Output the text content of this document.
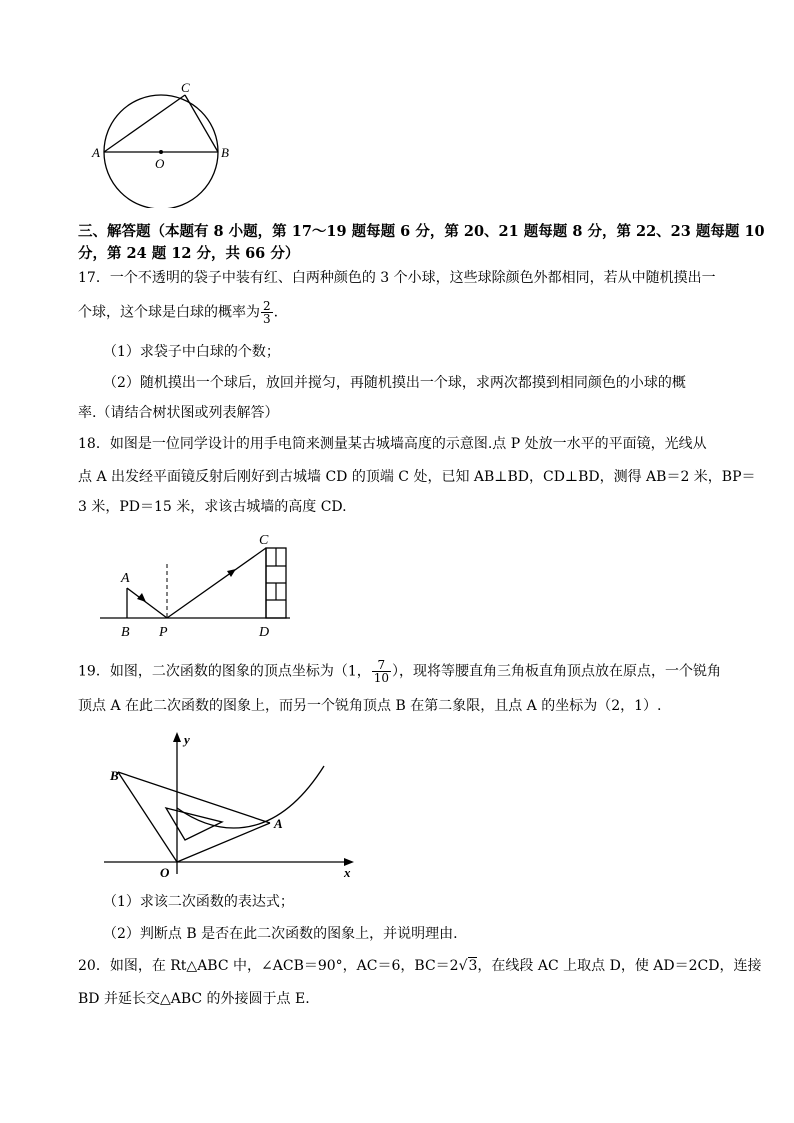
A	B
C
O
三、解答题（本题有 8 小题，第 17～19 题每题 6 分，第 20、21 题每题 8 分，第 22、23 题每题 10
分，第 24 题 12 分，共 66 分）
17．一个不透明的袋子中装有红、白两种颜色的 3 个小球，这些球除颜色外都相同，若从中随机摸出一
个球，这个球是白球的概率为 $\frac{2}{3}$ .
（1）求袋子中白球的个数；
（2）随机摸出一个球后，放回并搅匀，再随机摸出一个球，求两次都摸到相同颜色的小球的概
率.（请结合树状图或列表解答）
18．如图是一位同学设计的用手电筒来测量某古城墙高度的示意图.点 P 处放一水平的平面镜，光线从
点 A 出发经平面镜反射后刚好到古城墙 CD 的顶端 C 处，已知 AB⊥BD，CD⊥BD，测得 AB＝2 米，BP＝
3 米，PD＝15 米，求该古城墙的高度 CD.
A
B P	D
C
19．如图，二次函数的图象的顶点坐标为（1， $\frac{7}{10}$ ），现将等腰直角三角板直角顶点放在原点，一个锐角
顶点 A 在此二次函数的图象上，而另一个锐角顶点 B 在第二象限，且点 A 的坐标为（2，1）.
y
x
O
A
B
（1）求该二次函数的表达式；
（2）判断点 B 是否在此二次函数的图象上，并说明理由.
20．如图，在 Rt△ABC 中，∠ACB＝90°，AC＝6，BC＝2√3，在线段 AC 上取点 D，使 AD＝2CD，连接
BD 并延长交△ABC 的外接圆于点 E.
